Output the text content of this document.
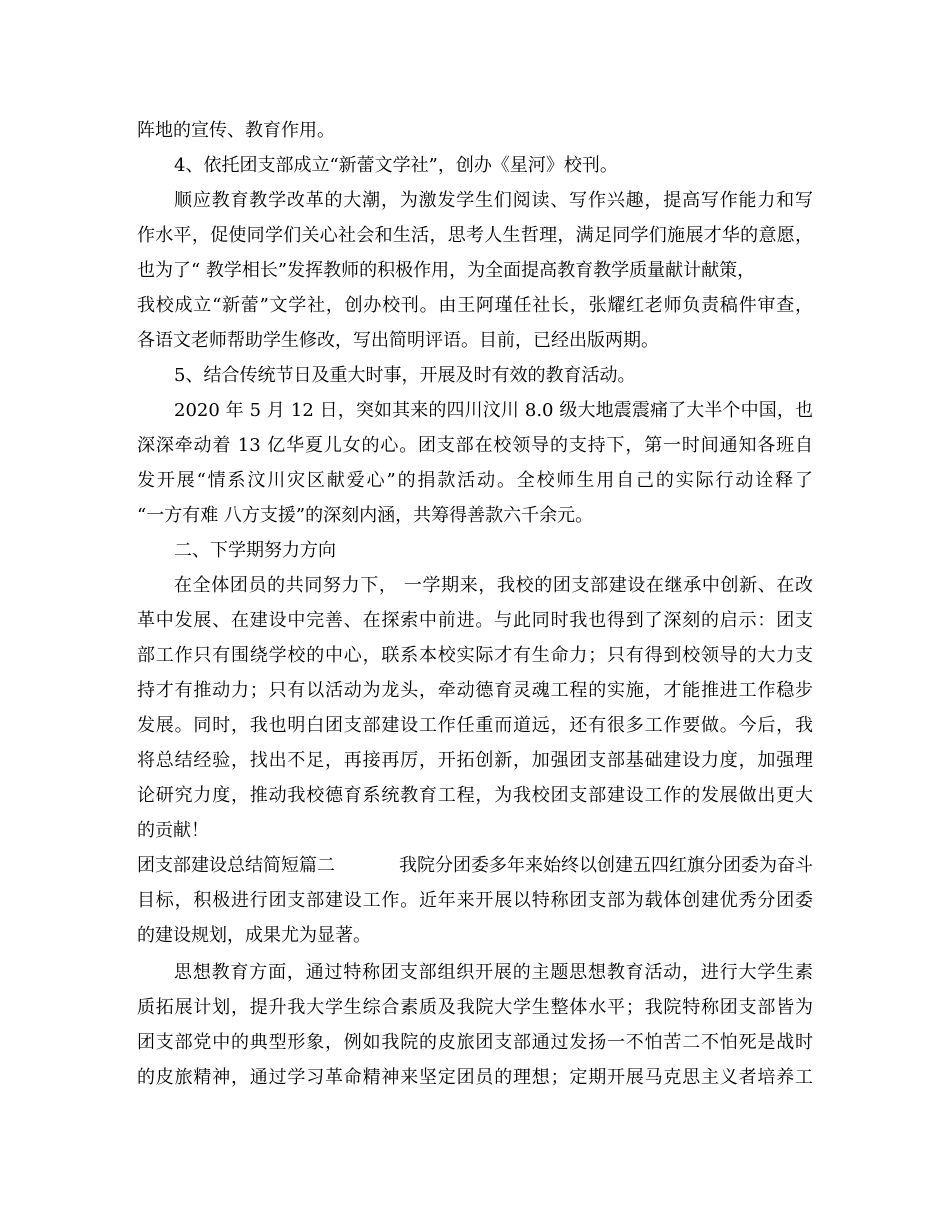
阵地的宣传、教育作用。
4、依托团支部成立“新蕾文学社”，创办《星河》校刊。
顺应教育教学改革的大潮，为激发学生们阅读、写作兴趣，提高写作能力和写
作水平，促使同学们关心社会和生活，思考人生哲理，满足同学们施展才华的意愿，
也为了“ 教学相长”发挥教师的积极作用，为全面提高教育教学质量献计献策，
我校成立“新蕾”文学社，创办校刊。由王阿瑾任社长，张耀红老师负责稿件审查，
各语文老师帮助学生修改，写出简明评语。目前，已经出版两期。
5、结合传统节日及重大时事，开展及时有效的教育活动。
2020 年 5 月 12 日，突如其来的四川汶川 8.0 级大地震震痛了大半个中国，也
深深牵动着 13 亿华夏儿女的心。团支部在校领导的支持下，第一时间通知各班自
发开展“情系汶川灾区献爱心”的捐款活动。全校师生用自己的实际行动诠释了
“一方有难 八方支援”的深刻内涵，共筹得善款六千余元。
二、下学期努力方向
在全体团员的共同努力下， 一学期来，我校的团支部建设在继承中创新、在改
革中发展、在建设中完善、在探索中前进。与此同时我也得到了深刻的启示：团支
部工作只有围绕学校的中心，联系本校实际才有生命力；只有得到校领导的大力支
持才有推动力；只有以活动为龙头，牵动德育灵魂工程的实施，才能推进工作稳步
发展。同时，我也明白团支部建设工作任重而道远，还有很多工作要做。今后，我
将总结经验，找出不足，再接再厉，开拓创新，加强团支部基础建设力度，加强理
论研究力度，推动我校德育系统教育工程，为我校团支部建设工作的发展做出更大
的贡献！
团支部建设总结简短篇二	我院分团委多年来始终以创建五四红旗分团委为奋斗
目标，积极进行团支部建设工作。近年来开展以特称团支部为载体创建优秀分团委
的建设规划，成果尤为显著。
思想教育方面，通过特称团支部组织开展的主题思想教育活动，进行大学生素
质拓展计划，提升我大学生综合素质及我院大学生整体水平；我院特称团支部皆为
团支部党中的典型形象，例如我院的皮旅团支部通过发扬一不怕苦二不怕死是战时
的皮旅精神，通过学习革命精神来坚定团员的理想；定期开展马克思主义者培养工
